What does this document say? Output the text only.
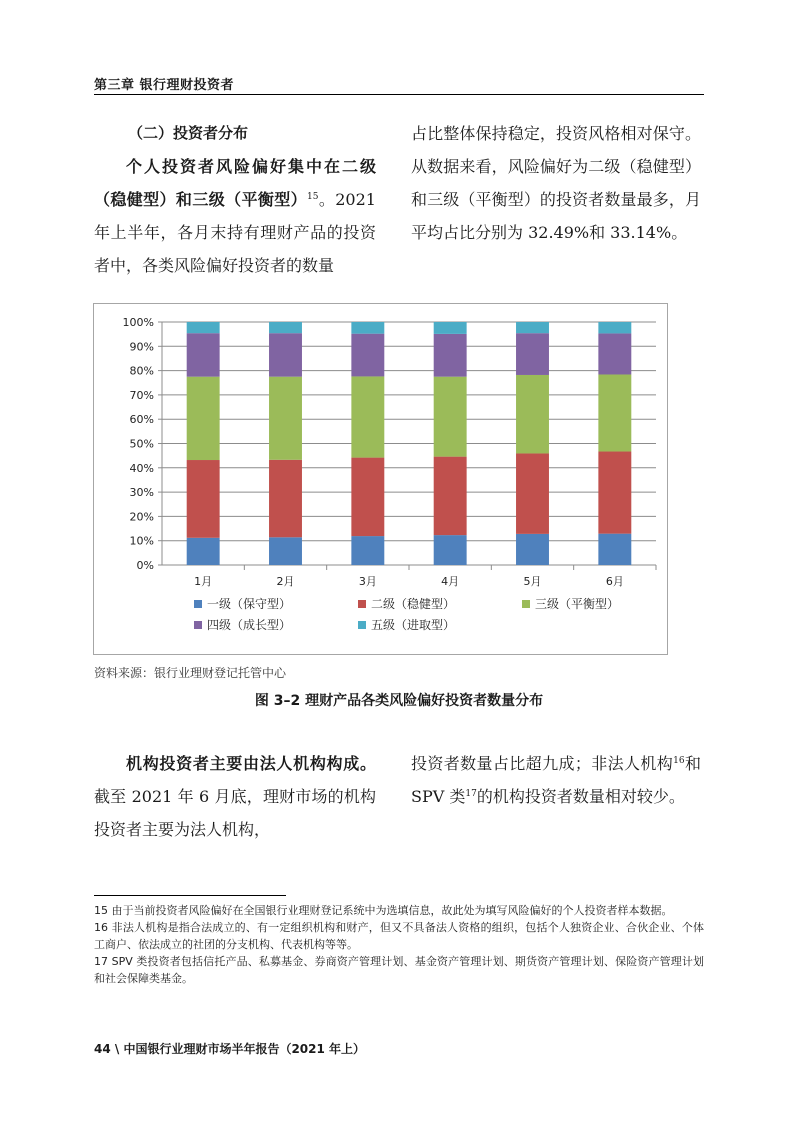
第三章 银行理财投资者

（二）投资者分布

个人投资者风险偏好集中在二级（稳健型）和三级（平衡型）$^{15}$。2021年上半年，各月末持有理财产品的投资者中，各类风险偏好投资者的数量

占比整体保持稳定，投资风格相对保守。从数据来看，风险偏好为二级（稳健型）和三级（平衡型）的投资者数量最多，月平均占比分别为 32.49%和 33.14%。

0%
10%
20%
30%
40%
50%
60%
70%
80%
90%
100%
1月	2月	3月	4月	5月	6月
一级（保守型）	二级（稳健型）	三级（平衡型）
四级（成长型）	五级（进取型）
资料来源：银行业理财登记托管中心
图 3–2 理财产品各类风险偏好投资者数量分布

机构投资者主要由法人机构构成。截至 2021 年 6 月底，理财市场的机构投资者主要为法人机构，

投资者数量占比超九成；非法人机构$^{16}$和 SPV 类$^{17}$的机构投资者数量相对较少。

15 由于当前投资者风险偏好在全国银行业理财登记系统中为选填信息，故此处为填写风险偏好的个人投资者样本数据。

16 非法人机构是指合法成立的、有一定组织机构和财产，但又不具备法人资格的组织，包括个人独资企业、合伙企业、个体工商户、依法成立的社团的分支机构、代表机构等等。

17 SPV 类投资者包括信托产品、私募基金、券商资产管理计划、基金资产管理计划、期货资产管理计划、保险资产管理计划和社会保障类基金。

44 \ 中国银行业理财市场半年报告（2021 年上）
